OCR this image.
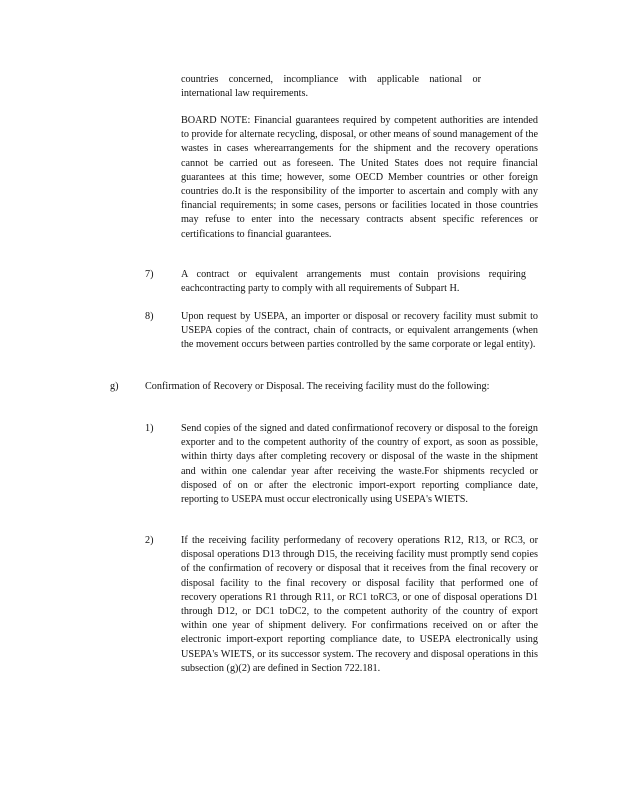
countries concerned, incompliance with applicable national or international law requirements.

BOARD NOTE: Financial guarantees required by competent authorities are intended to provide for alternate recycling, disposal, or other means of sound management of the wastes in cases wherearrangements for the shipment and the recovery operations cannot be carried out as foreseen. The United States does not require financial guarantees at this time; however, some OECD Member countries or other foreign countries do.It is the responsibility of the importer to ascertain and comply with any financial requirements; in some cases, persons or facilities located in those countries may refuse to enter into the necessary contracts absent specific references or certifications to financial guarantees.

7)	A contract or equivalent arrangements must contain provisions requiring eachcontracting party to comply with all requirements of Subpart H.

8)	Upon request by USEPA, an importer or disposal or recovery facility must submit to USEPA copies of the contract, chain of contracts, or equivalent arrangements (when the movement occurs between parties controlled by the same corporate or legal entity).

g)	Confirmation of Recovery or Disposal. The receiving facility must do the following:

1)	Send copies of the signed and dated confirmationof recovery or disposal to the foreign exporter and to the competent authority of the country of export, as soon as possible, within thirty days after completing recovery or disposal of the waste in the shipment and within one calendar year after receiving the waste.For shipments recycled or disposed of on or after the electronic import-export reporting compliance date, reporting to USEPA must occur electronically using USEPA's WIETS.

2)	If the receiving facility performedany of recovery operations R12, R13, or RC3, or disposal operations D13 through D15, the receiving facility must promptly send copies of the confirmation of recovery or disposal that it receives from the final recovery or disposal facility to the final recovery or disposal facility that performed one of recovery operations R1 through R11, or RC1 toRC3, or one of disposal operations D1 through D12, or DC1 toDC2, to the competent authority of the country of export within one year of shipment delivery. For confirmations received on or after the electronic import-export reporting compliance date, to USEPA electronically using USEPA's WIETS, or its successor system. The recovery and disposal operations in this subsection (g)(2) are defined in Section 722.181.
